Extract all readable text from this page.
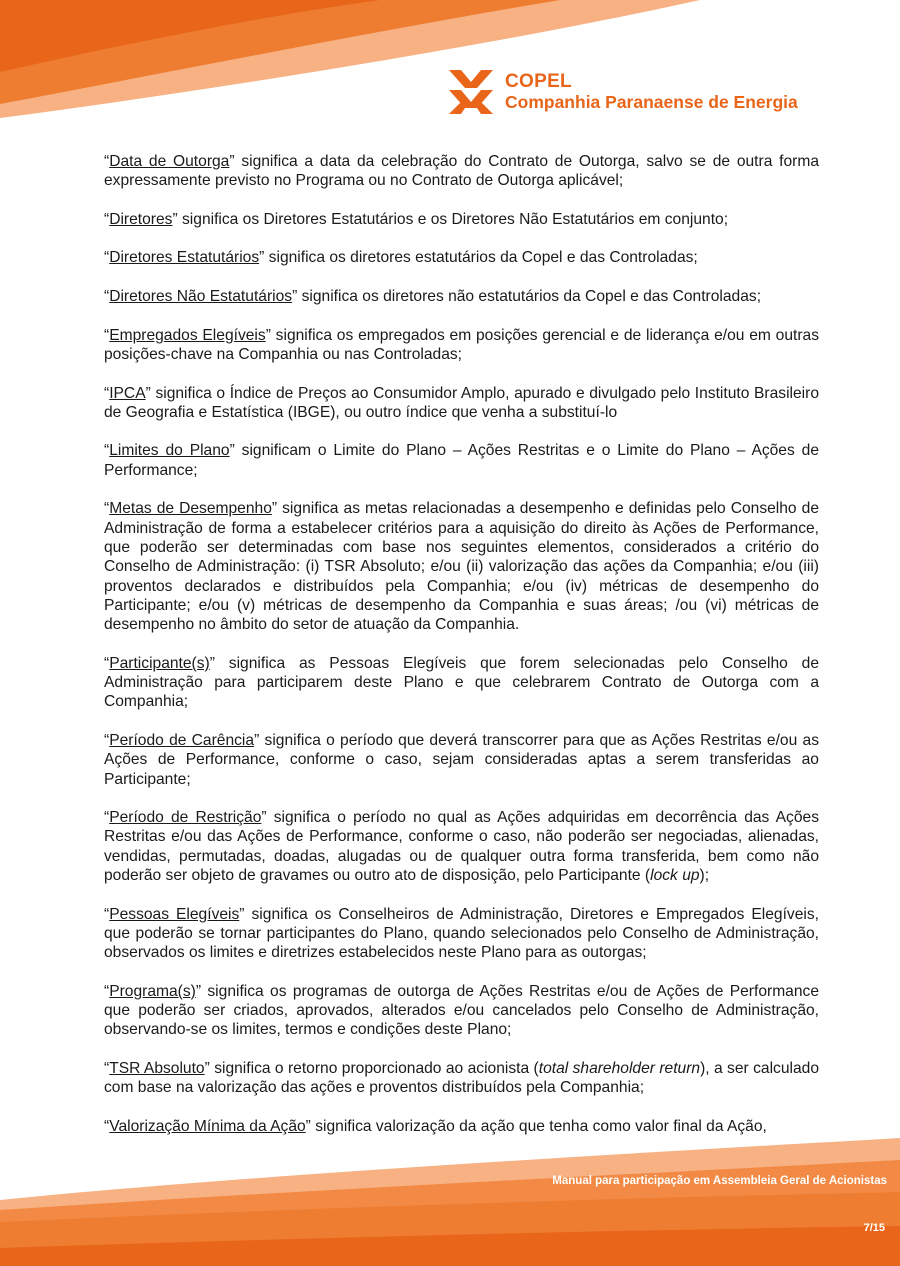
COPEL
Companhia Paranaense de Energia

“Data de Outorga” significa a data da celebração do Contrato de Outorga, salvo se de outra forma expressamente previsto no Programa ou no Contrato de Outorga aplicável;

“Diretores” significa os Diretores Estatutários e os Diretores Não Estatutários em conjunto;

“Diretores Estatutários” significa os diretores estatutários da Copel e das Controladas;

“Diretores Não Estatutários” significa os diretores não estatutários da Copel e das Controladas;

“Empregados Elegíveis” significa os empregados em posições gerencial e de liderança e/ou em outras posições-chave na Companhia ou nas Controladas;

“IPCA” significa o Índice de Preços ao Consumidor Amplo, apurado e divulgado pelo Instituto Brasileiro de Geografia e Estatística (IBGE), ou outro índice que venha a substituí-lo

“Limites do Plano” significam o Limite do Plano – Ações Restritas e o Limite do Plano – Ações de Performance;

“Metas de Desempenho” significa as metas relacionadas a desempenho e definidas pelo Conselho de Administração de forma a estabelecer critérios para a aquisição do direito às Ações de Performance, que poderão ser determinadas com base nos seguintes elementos, considerados a critério do Conselho de Administração: (i) TSR Absoluto; e/ou (ii) valorização das ações da Companhia; e/ou (iii) proventos declarados e distribuídos pela Companhia; e/ou (iv) métricas de desempenho do Participante; e/ou (v) métricas de desempenho da Companhia e suas áreas; /ou (vi) métricas de desempenho no âmbito do setor de atuação da Companhia.

“Participante(s)” significa as Pessoas Elegíveis que forem selecionadas pelo Conselho de Administração para participarem deste Plano e que celebrarem Contrato de Outorga com a Companhia;

“Período de Carência” significa o período que deverá transcorrer para que as Ações Restritas e/ou as Ações de Performance, conforme o caso, sejam consideradas aptas a serem transferidas ao Participante;

“Período de Restrição” significa o período no qual as Ações adquiridas em decorrência das Ações Restritas e/ou das Ações de Performance, conforme o caso, não poderão ser negociadas, alienadas, vendidas, permutadas, doadas, alugadas ou de qualquer outra forma transferida, bem como não poderão ser objeto de gravames ou outro ato de disposição, pelo Participante (lock up);

“Pessoas Elegíveis” significa os Conselheiros de Administração, Diretores e Empregados Elegíveis, que poderão se tornar participantes do Plano, quando selecionados pelo Conselho de Administração, observados os limites e diretrizes estabelecidos neste Plano para as outorgas;

“Programa(s)” significa os programas de outorga de Ações Restritas e/ou de Ações de Performance que poderão ser criados, aprovados, alterados e/ou cancelados pelo Conselho de Administração, observando-se os limites, termos e condições deste Plano;

“TSR Absoluto” significa o retorno proporcionado ao acionista (total shareholder return), a ser calculado com base na valorização das ações e proventos distribuídos pela Companhia;

“Valorização Mínima da Ação” significa valorização da ação que tenha como valor final da Ação,

Manual para participação em Assembleia Geral de Acionistas
7/15
